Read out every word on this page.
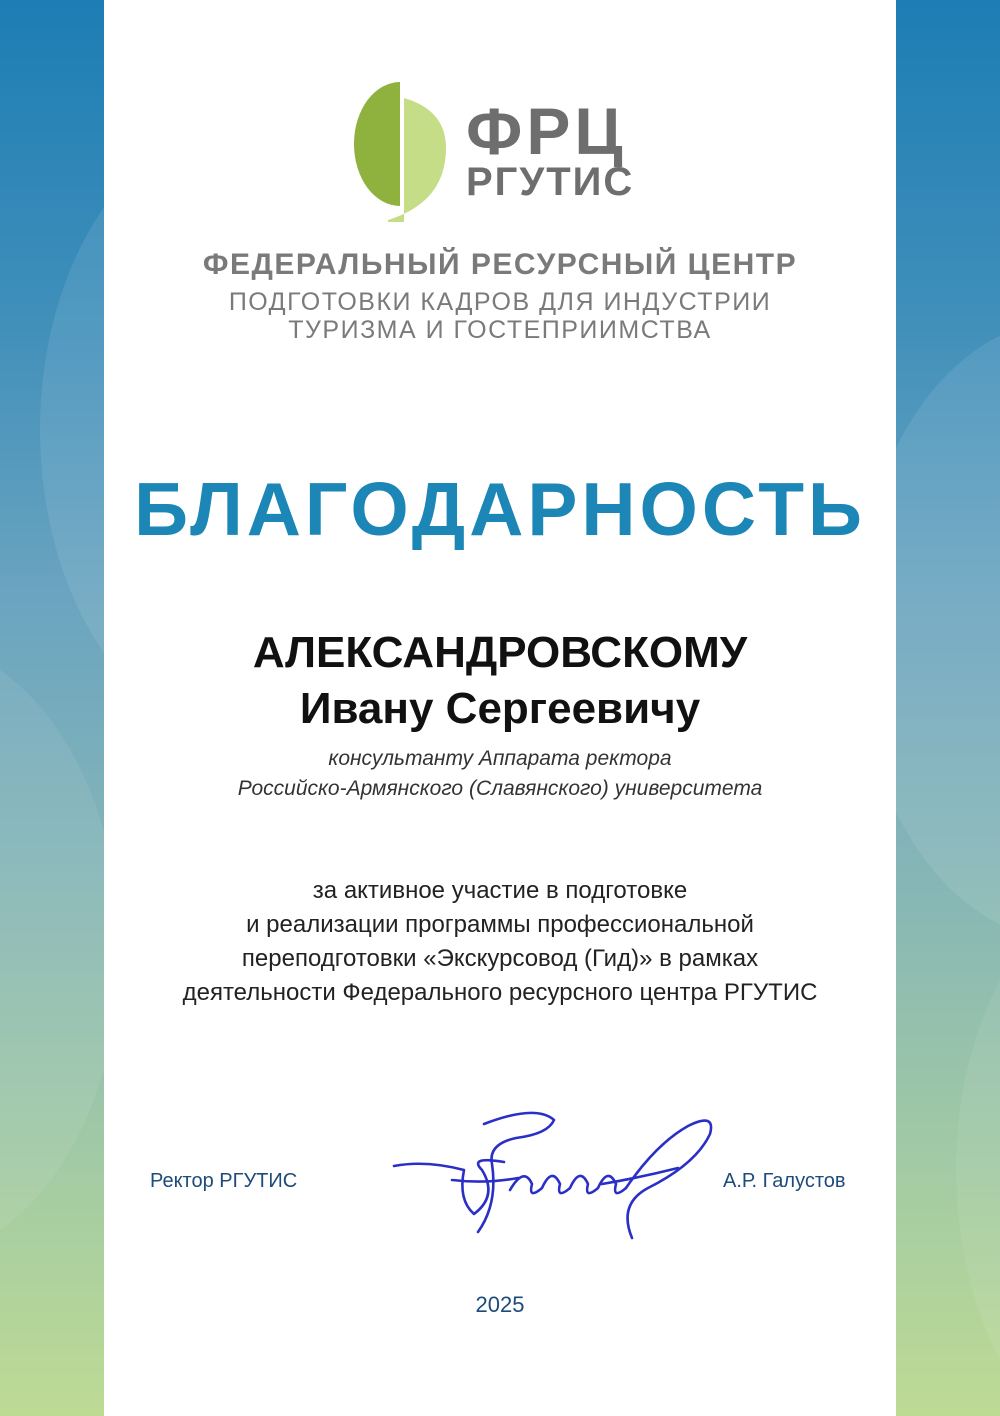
ФРЦ
РГУТИС
ФЕДЕРАЛЬНЫЙ РЕСУРСНЫЙ ЦЕНТР
ПОДГОТОВКИ КАДРОВ ДЛЯ ИНДУСТРИИ
ТУРИЗМА И ГОСТЕПРИИМСТВА
БЛАГОДАРНОСТЬ
АЛЕКСАНДРОВСКОМУ
Ивану Сергеевичу
консультанту Аппарата ректора
Российско-Армянского (Славянского) университета
за активное участие в подготовке
и реализации программы профессиональной
переподготовки «Экскурсовод (Гид)» в рамках
деятельности Федерального ресурсного центра РГУТИС
Ректор РГУТИС	А.Р. Галустов
2025
